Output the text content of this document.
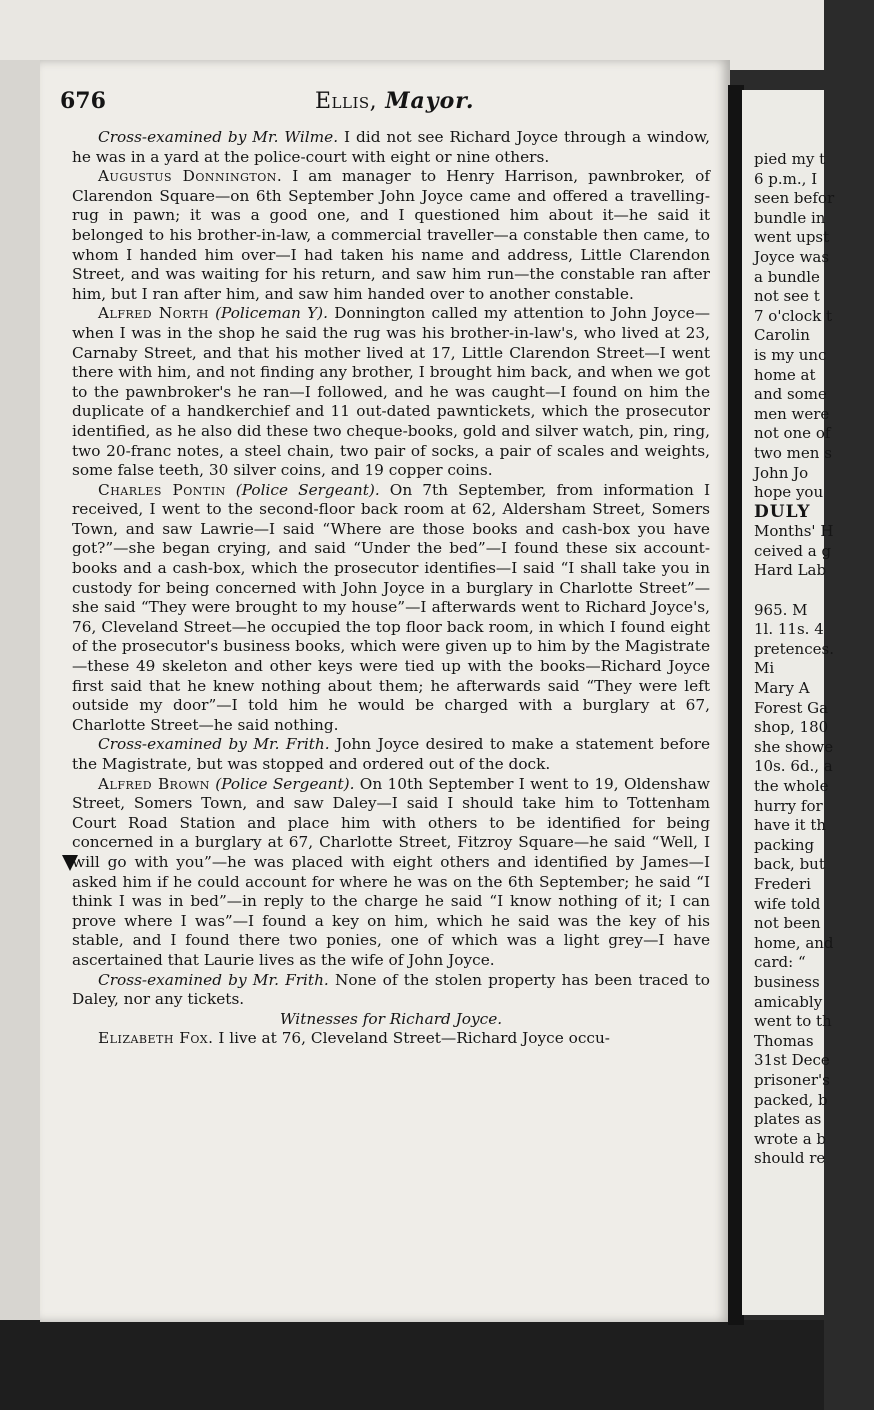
pied my t
6 p.m., I
seen befor
bundle in
went upst
Joyce was
a bundle
not see t
7 o'clock t
Carolin
is my unc
home at
and some
men were
not one of
two men s
John Jo
hope you
DULY
Months' H
ceived a g
Hard Lab
965. M
1l. 11s. 4
pretences.
Mi
Mary A
Forest Ga
shop, 180
she showe
10s. 6d., a
the whole
hurry for
have it th
packing
back, but
Frederi
wife told
not been
home, and
card: “
business
amicably
went to th
Thomas
31st Dece
prisoner's
packed, b
plates as
wrote a b
should re
676	Ellis, Mayor.

Cross-examined by Mr. Wilme. I did not see Richard Joyce through a window, he was in a yard at the police-court with eight or nine others.

Augustus Donnington. I am manager to Henry Harrison, pawnbroker, of Clarendon Square—on 6th September John Joyce came and offered a travelling-rug in pawn; it was a good one, and I questioned him about it—he said it belonged to his brother-in-law, a commercial traveller—a constable then came, to whom I handed him over—I had taken his name and address, Little Clarendon Street, and was waiting for his return, and saw him run—the constable ran after him, but I ran after him, and saw him handed over to another constable.

Alfred North (Policeman Y). Donnington called my attention to John Joyce—when I was in the shop he said the rug was his brother-in-law's, who lived at 23, Carnaby Street, and that his mother lived at 17, Little Clarendon Street—I went there with him, and not finding any brother, I brought him back, and when we got to the pawnbroker's he ran—I followed, and he was caught—I found on him the duplicate of a handkerchief and 11 out-dated pawntickets, which the prosecutor identified, as he also did these two cheque-books, gold and silver watch, pin, ring, two 20-franc notes, a steel chain, two pair of socks, a pair of scales and weights, some false teeth, 30 silver coins, and 19 copper coins.

Charles Pontin (Police Sergeant). On 7th September, from information I received, I went to the second-floor back room at 62, Aldersham Street, Somers Town, and saw Lawrie—I said “Where are those books and cash-box you have got?”—she began crying, and said “Under the bed”—I found these six account-books and a cash-box, which the prosecutor identifies—I said “I shall take you in custody for being concerned with John Joyce in a burglary in Charlotte Street”—she said “They were brought to my house”—I afterwards went to Richard Joyce's, 76, Cleveland Street—he occupied the top floor back room, in which I found eight of the prosecutor's business books, which were given up to him by the Magistrate—these 49 skeleton and other keys were tied up with the books—Richard Joyce first said that he knew nothing about them; he afterwards said “They were left outside my door”—I told him he would be charged with a burglary at 67, Charlotte Street—he said nothing.

Cross-examined by Mr. Frith. John Joyce desired to make a statement before the Magistrate, but was stopped and ordered out of the dock.

Alfred Brown (Police Sergeant). On 10th September I went to 19, Oldenshaw Street, Somers Town, and saw Daley—I said I should take him to Tottenham Court Road Station and place him with others to be identified for being concerned in a burglary at 67, Charlotte Street, Fitzroy Square—he said “Well, I will go with you”—he was placed with eight others and identified by James—I asked him if he could account for where he was on the 6th September; he said “I think I was in bed”—in reply to the charge he said “I know nothing of it; I can prove where I was”—I found a key on him, which he said was the key of his stable, and I found there two ponies, one of which was a light grey—I have ascertained that Laurie lives as the wife of John Joyce.

Cross-examined by Mr. Frith. None of the stolen property has been traced to Daley, nor any tickets.

Witnesses for Richard Joyce.

Elizabeth Fox. I live at 76, Cleveland Street—Richard Joyce occu-
